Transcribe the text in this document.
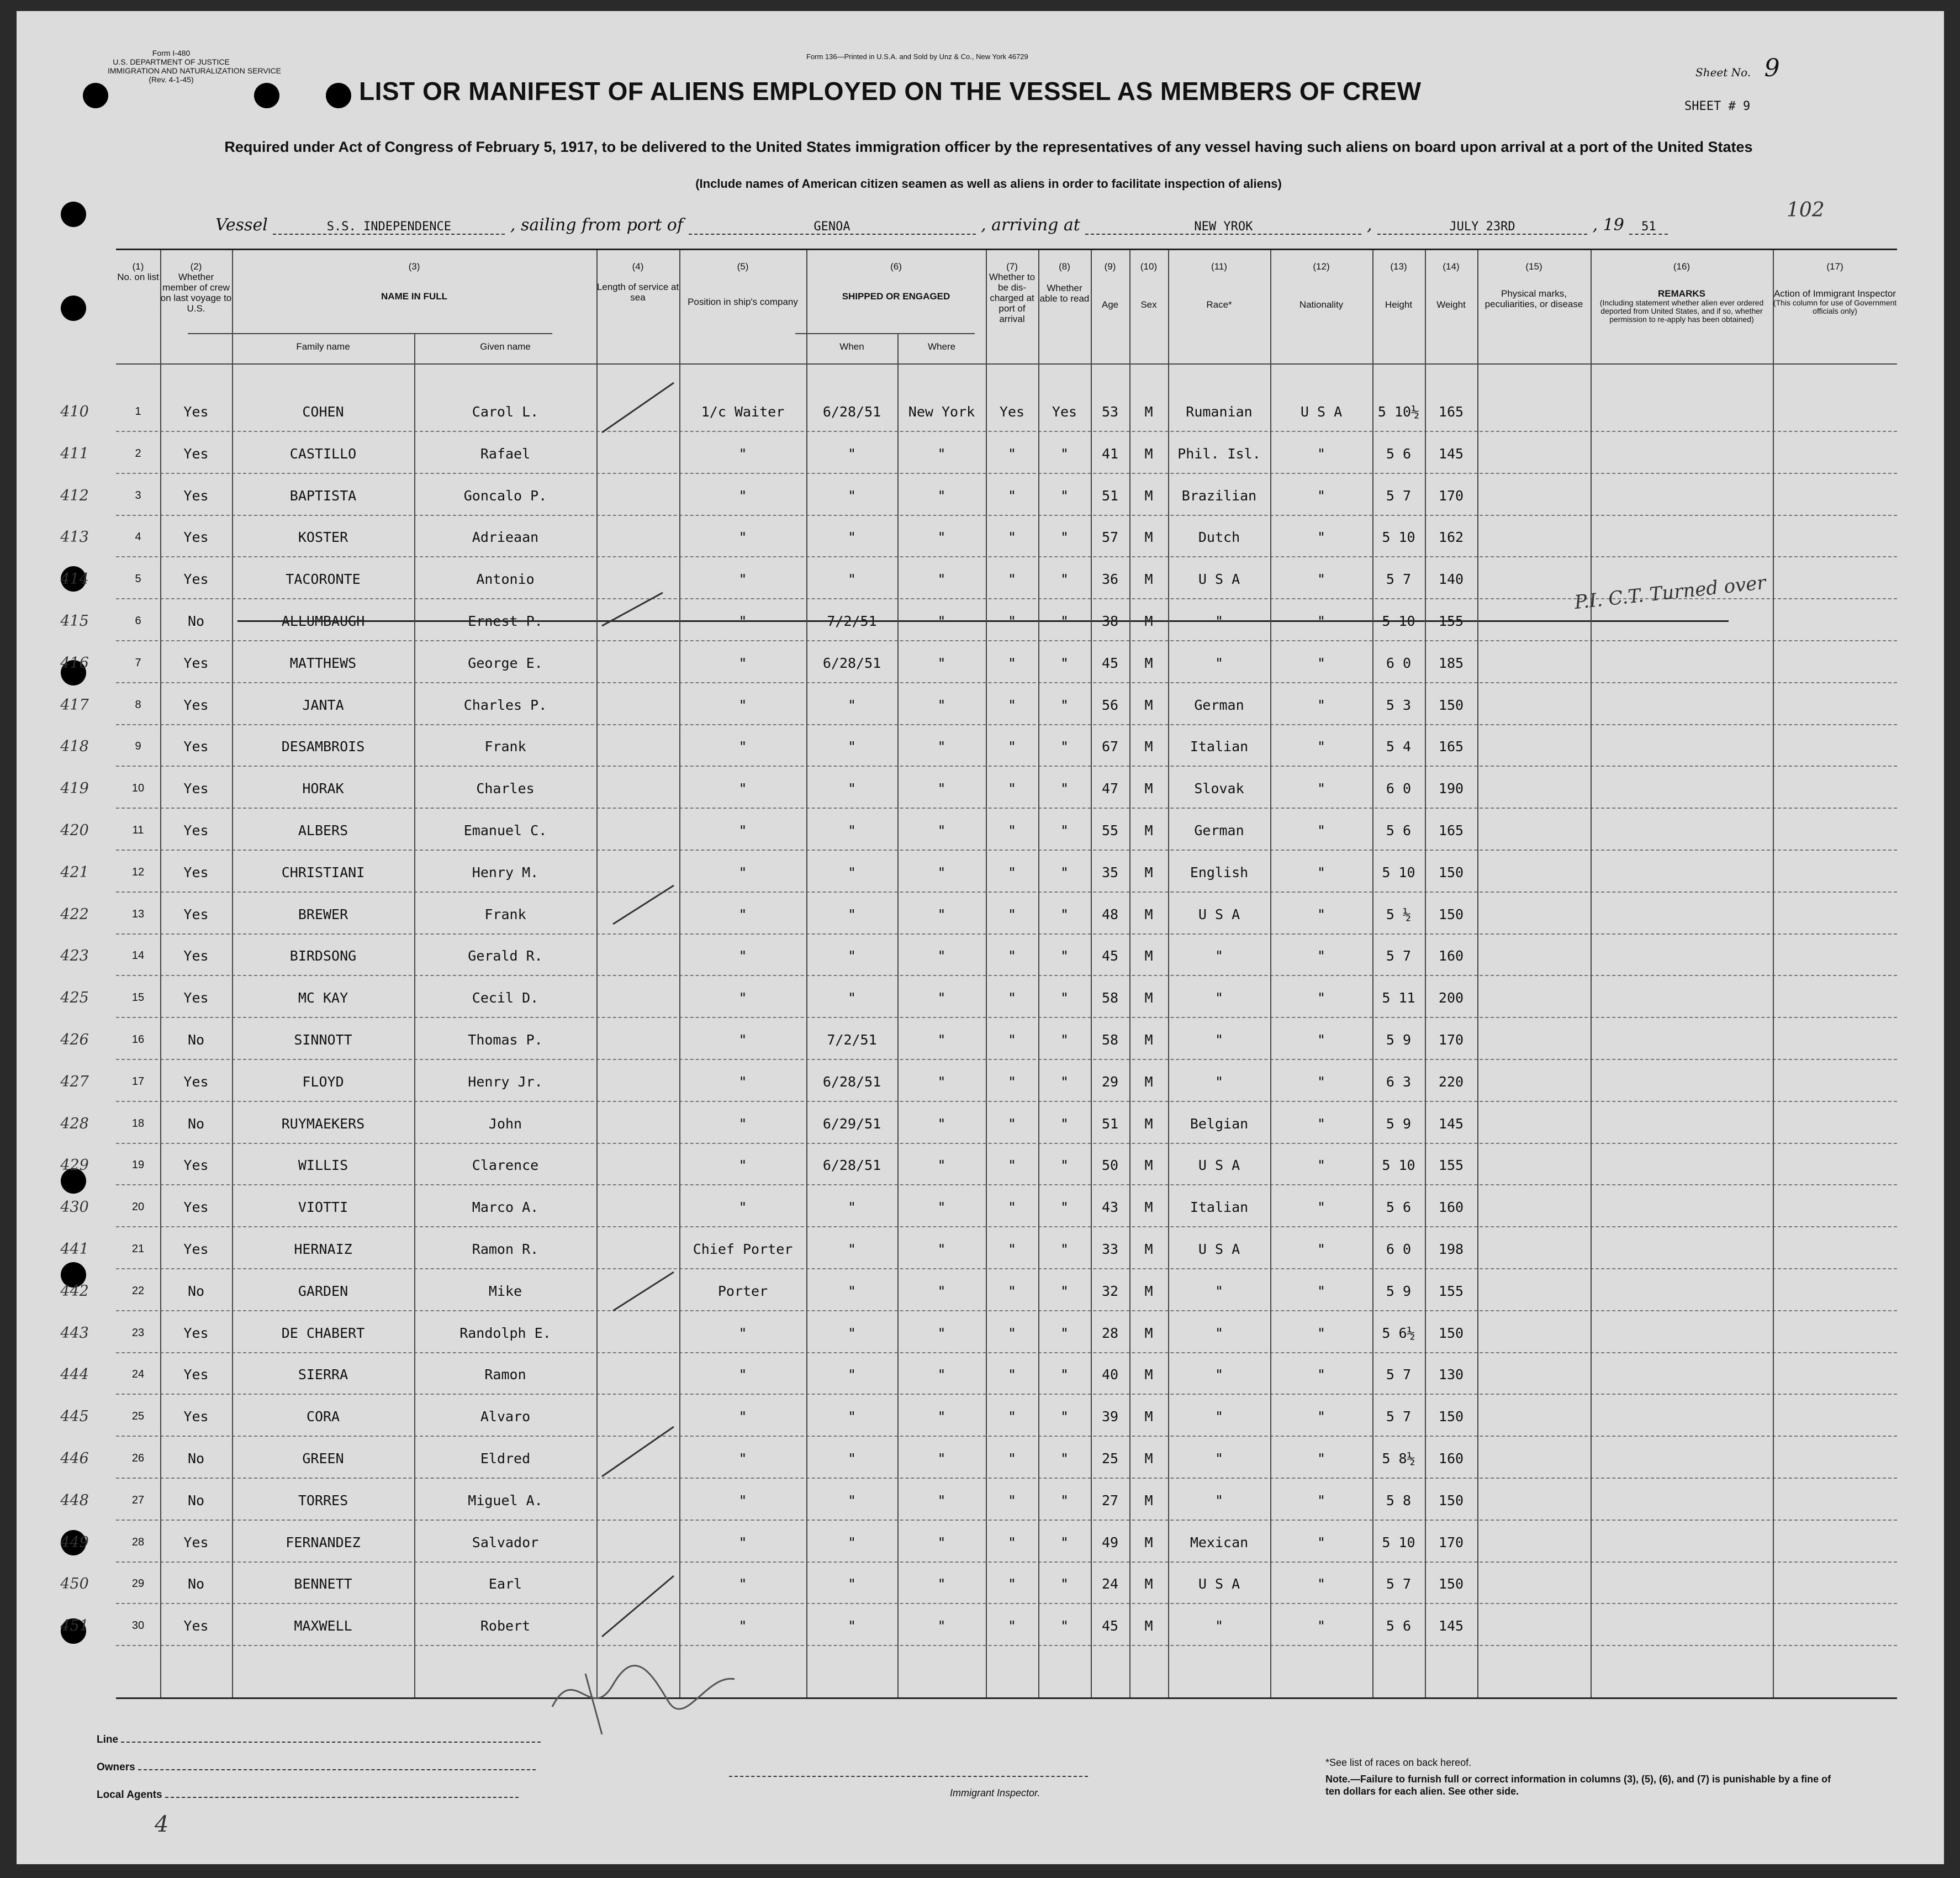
Form I-480
U.S. DEPARTMENT OF JUSTICE
IMMIGRATION AND NATURALIZATION SERVICE
(Rev. 4-1-45)
Form 136—Printed in U.S.A. and Sold by Unz & Co., New York 46729
Sheet No. 9
SHEET # 9
LIST OR MANIFEST OF ALIENS EMPLOYED ON THE VESSEL AS MEMBERS OF CREW
Required under Act of Congress of February 5, 1917, to be delivered to the United States immigration officer by the representatives of any vessel having such aliens on board upon arrival at a port of the United States
(Include names of American citizen seamen as well as aliens in order to facilitate inspection of aliens)
102
Vessel	S.S. INDEPENDENCE	, sailing from port of	GENOA	, arriving at	NEW YROK	,	JULY 23RD	, 19 51
(1)
No. on list
(2)
Whether member of crew on last voyage to U.S.
(3)
NAME IN FULL
Family name	Given name
(4)
Length of service at sea
(5)
Position in ship's company
(6)
SHIPPED OR ENGAGED
When	Where
(7)
Whether to be dis-charged at port of arrival
(8)
Whether able to read
(9)
Age
(10)
Sex
(11)
Race*
(12)
Nationality
(13)
Height
(14)
Weight
(15)
Physical marks, peculiarities, or disease
(16)
REMARKS
(Including statement whether alien ever ordered deported from United States, and if so, whether permission to re-apply has been obtained)
(17)
Action of Immigrant Inspector
(This column for use of Government officials only)
410	1	Yes	COHEN	Carol L.	1/c Waiter	6/28/51	New York	Yes	Yes	53	M	Rumanian	U S A	5 10½	165
411	2	Yes	CASTILLO	Rafael	"	"	"	"	"	41	M	Phil. Isl.	"	5 6	145
412	3	Yes	BAPTISTA	Goncalo P.	"	"	"	"	"	51	M	Brazilian	"	5 7	170
413	4	Yes	KOSTER	Adrieaan	"	"	"	"	"	57	M	Dutch	"	5 10	162
414	5	Yes	TACORONTE	Antonio	"	"	"	"	"	36	M	U S A	"	5 7	140
415	6	No	ALLUMBAUGH	Ernest P.	"	7/2/51	"	"	"	38	M	"	"	5 10	155
416	7	Yes	MATTHEWS	George E.	"	6/28/51	"	"	"	45	M	"	"	6 0	185
417	8	Yes	JANTA	Charles P.	"	"	"	"	"	56	M	German	"	5 3	150
418	9	Yes	DESAMBROIS	Frank	"	"	"	"	"	67	M	Italian	"	5 4	165
419	10	Yes	HORAK	Charles	"	"	"	"	"	47	M	Slovak	"	6 0	190
420	11	Yes	ALBERS	Emanuel C.	"	"	"	"	"	55	M	German	"	5 6	165
421	12	Yes	CHRISTIANI	Henry M.	"	"	"	"	"	35	M	English	"	5 10	150
422	13	Yes	BREWER	Frank	"	"	"	"	"	48	M	U S A	"	5 ½	150
423	14	Yes	BIRDSONG	Gerald R.	"	"	"	"	"	45	M	"	"	5 7	160
425	15	Yes	MC KAY	Cecil D.	"	"	"	"	"	58	M	"	"	5 11	200
426	16	No	SINNOTT	Thomas P.	"	7/2/51	"	"	"	58	M	"	"	5 9	170
427	17	Yes	FLOYD	Henry Jr.	"	6/28/51	"	"	"	29	M	"	"	6 3	220
428	18	No	RUYMAEKERS	John	"	6/29/51	"	"	"	51	M	Belgian	"	5 9	145
429	19	Yes	WILLIS	Clarence	"	6/28/51	"	"	"	50	M	U S A	"	5 10	155
430	20	Yes	VIOTTI	Marco A.	"	"	"	"	"	43	M	Italian	"	5 6	160
441	21	Yes	HERNAIZ	Ramon R.	Chief Porter	"	"	"	"	33	M	U S A	"	6 0	198
442	22	No	GARDEN	Mike	Porter	"	"	"	"	32	M	"	"	5 9	155
443	23	Yes	DE CHABERT	Randolph E.	"	"	"	"	"	28	M	"	"	5 6½	150
444	24	Yes	SIERRA	Ramon	"	"	"	"	"	40	M	"	"	5 7	130
445	25	Yes	CORA	Alvaro	"	"	"	"	"	39	M	"	"	5 7	150
446	26	No	GREEN	Eldred	"	"	"	"	"	25	M	"	"	5 8½	160
448	27	No	TORRES	Miguel A.	"	"	"	"	"	27	M	"	"	5 8	150
449	28	Yes	FERNANDEZ	Salvador	"	"	"	"	"	49	M	Mexican	"	5 10	170
450	29	No	BENNETT	Earl	"	"	"	"	"	24	M	U S A	"	5 7	150
451	30	Yes	MAXWELL	Robert	"	"	"	"	"	45	M	"	"	5 6	145
P.I. C.T. Turned over
Line
Owners
Local Agents	Immigrant Inspector.
*See list of races on back hereof.
Note.—Failure to furnish full or correct information in columns (3), (5), (6), and (7) is punishable by a fine of ten dollars for each alien. See other side.
4
